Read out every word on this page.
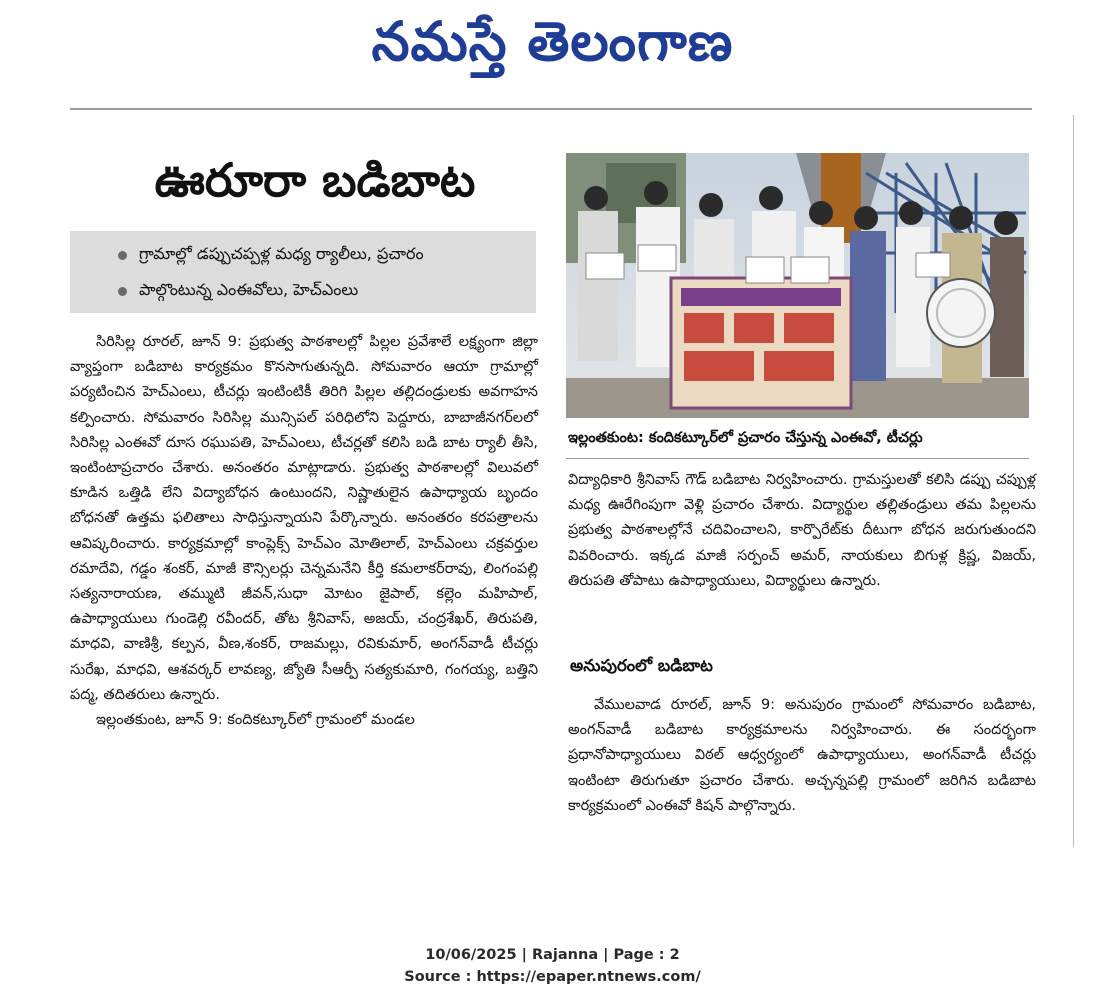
నమస్తే తెలంగాణ
ఊరూరా బడిబాట
గ్రామాల్లో డప్పుచప్పళ్ల మధ్య ర్యాలీలు, ప్రచారం
పాల్గొంటున్న ఎంఈవోలు, హెచ్ఎంలు

సిరిసిల్ల రూరల్, జూన్ 9: ప్రభుత్వ పాఠశాలల్లో పిల్లల ప్రవేశాలే లక్ష్యంగా జిల్లా వ్యాప్తంగా బడిబాట కార్యక్రమం కొనసాగుతున్నది. సోమవారం ఆయా గ్రామాల్లో పర్యటించిన హెచ్ఎంలు, టీచర్లు ఇంటింటికీ తిరిగి పిల్లల తల్లిదండ్రులకు అవగాహన కల్పించారు. సోమవారం సిరిసిల్ల మున్సిపల్ పరిధిలోని పెద్దూరు, బాబాజీనగర్‌లలో సిరిసిల్ల ఎంఈవో దూస రఘుపతి, హెచ్ఎంలు, టీచర్లతో కలిసి బడి బాట ర్యాలీ తీసి, ఇంటింటాప్రచారం చేశారు. అనంతరం మాట్లాడారు. ప్రభుత్వ పాఠశాలల్లో విలువలో కూడిన ఒత్తిడి లేని విద్యాబోధన ఉంటుందని, నిష్ణాతులైన ఉపాధ్యాయ బృందం బోధనతో ఉత్తమ ఫలితాలు సాధిస్తున్నాయని పేర్కొన్నారు. అనంతరం కరపత్రాలను ఆవిష్కరించారు. కార్యక్రమాల్లో కాంప్లెక్స్ హెచ్ఎం మోతిలాల్, హెచ్ఎంలు చక్రవర్తుల రమాదేవి, గడ్డం శంకర్, మాజీ కౌన్సిలర్లు చెన్నమనేని కీర్తి కమలాకర్‌రావు, లింగంపల్లి సత్యనారాయణ, తమ్ముటి జీవన్,సుధా మోటం జైపాల్, కల్లెం మహిపాల్, ఉపాధ్యాయులు గుండెల్లి రవీందర్, తోట శ్రీనివాస్, అజయ్, చంద్రశేఖర్, తిరుపతి, మాధవి, వాణిశ్రీ, కల్పన, వీణ,శంకర్, రాజమల్లు, రవికుమార్, అంగన్‌వాడీ టీచర్లు సురేఖ, మాధవి, ఆశవర్కర్ లావణ్య, జ్యోతి సీఆర్పీ సత్యకుమారి, గంగయ్య, బత్తిని పద్మ, తదితరులు ఉన్నారు.

ఇల్లంతకుంట, జూన్ 9: కందికట్కూర్‌లో గ్రామంలో మండల

ఇల్లంతకుంట: కందికట్కూర్‌లో ప్రచారం చేస్తున్న ఎంఈవో, టీచర్లు

విద్యాధికారి శ్రీనివాస్ గౌడ్ బడిబాట నిర్వహించారు. గ్రామస్తులతో కలిసి డప్పు చప్పుళ్ల మధ్య ఊరేగింపుగా వెళ్లి ప్రచారం చేశారు. విద్యార్థుల తల్లితండ్రులు తమ పిల్లలను ప్రభుత్వ పాఠశాలల్లోనే చదివించాలని, కార్పొరేట్‌కు దీటుగా బోధన జరుగుతుందని వివరించారు. ఇక్కడ మాజీ సర్పంచ్ అమర్, నాయకులు బిగుళ్ల క్రిష్ణ, విజయ్, తిరుపతి తోపాటు ఉపాధ్యాయులు, విద్యార్థులు ఉన్నారు.

అనుపురంలో బడిబాట

వేములవాడ రూరల్, జూన్ 9: అనుపురం గ్రామంలో సోమవారం బడిబాట, అంగన్‌వాడీ బడిబాట కార్యక్రమాలను నిర్వహించారు. ఈ సందర్భంగా ప్రధానోపాధ్యాయులు విఠల్ ఆధ్వర్యంలో ఉపాధ్యాయులు, అంగన్‌వాడీ టీచర్లు ఇంటింటా తిరుగుతూ ప్రచారం చేశారు. అచ్చన్నపల్లి గ్రామంలో జరిగిన బడిబాట కార్యక్రమంలో ఎంఈవో కిషన్ పాల్గొన్నారు.

10/06/2025 | Rajanna | Page : 2
Source : https://epaper.ntnews.com/
